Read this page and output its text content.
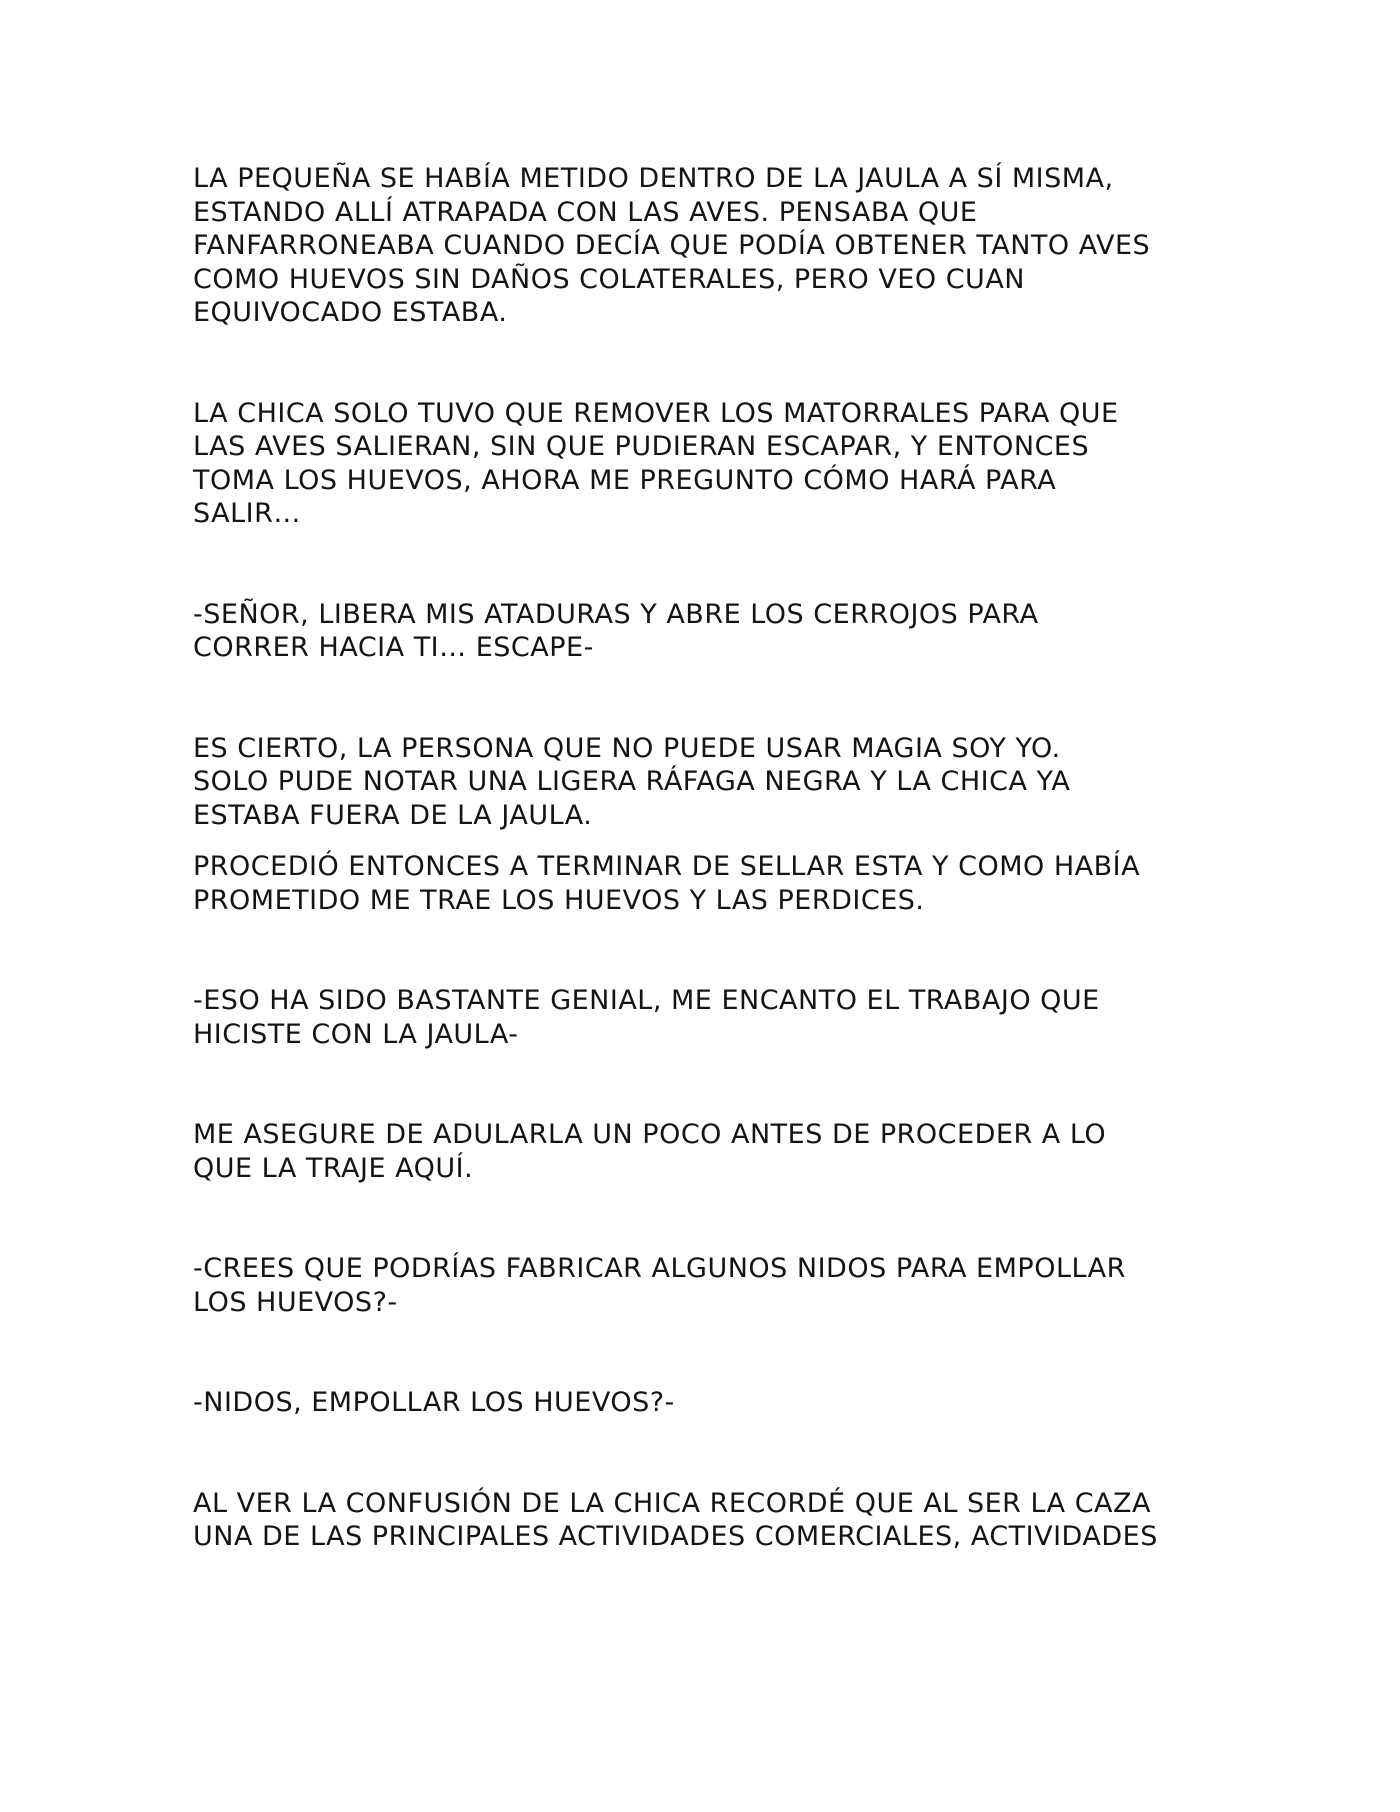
LA PEQUEÑA SE HABÍA METIDO DENTRO DE LA JAULA A SÍ MISMA,
ESTANDO ALLÍ ATRAPADA CON LAS AVES. PENSABA QUE
FANFARRONEABA CUANDO DECÍA QUE PODÍA OBTENER TANTO AVES
COMO HUEVOS SIN DAÑOS COLATERALES, PERO VEO CUAN
EQUIVOCADO ESTABA.

LA CHICA SOLO TUVO QUE REMOVER LOS MATORRALES PARA QUE
LAS AVES SALIERAN, SIN QUE PUDIERAN ESCAPAR, Y ENTONCES
TOMA LOS HUEVOS, AHORA ME PREGUNTO CÓMO HARÁ PARA
SALIR…

-SEÑOR, LIBERA MIS ATADURAS Y ABRE LOS CERROJOS PARA
CORRER HACIA TI… ESCAPE-

ES CIERTO, LA PERSONA QUE NO PUEDE USAR MAGIA SOY YO.
SOLO PUDE NOTAR UNA LIGERA RÁFAGA NEGRA Y LA CHICA YA
ESTABA FUERA DE LA JAULA.

PROCEDIÓ ENTONCES A TERMINAR DE SELLAR ESTA Y COMO HABÍA
PROMETIDO ME TRAE LOS HUEVOS Y LAS PERDICES.

-ESO HA SIDO BASTANTE GENIAL, ME ENCANTO EL TRABAJO QUE
HICISTE CON LA JAULA-

ME ASEGURE DE ADULARLA UN POCO ANTES DE PROCEDER A LO
QUE LA TRAJE AQUÍ.

-CREES QUE PODRÍAS FABRICAR ALGUNOS NIDOS PARA EMPOLLAR
LOS HUEVOS?-

-NIDOS, EMPOLLAR LOS HUEVOS?-

AL VER LA CONFUSIÓN DE LA CHICA RECORDÉ QUE AL SER LA CAZA
UNA DE LAS PRINCIPALES ACTIVIDADES COMERCIALES, ACTIVIDADES
